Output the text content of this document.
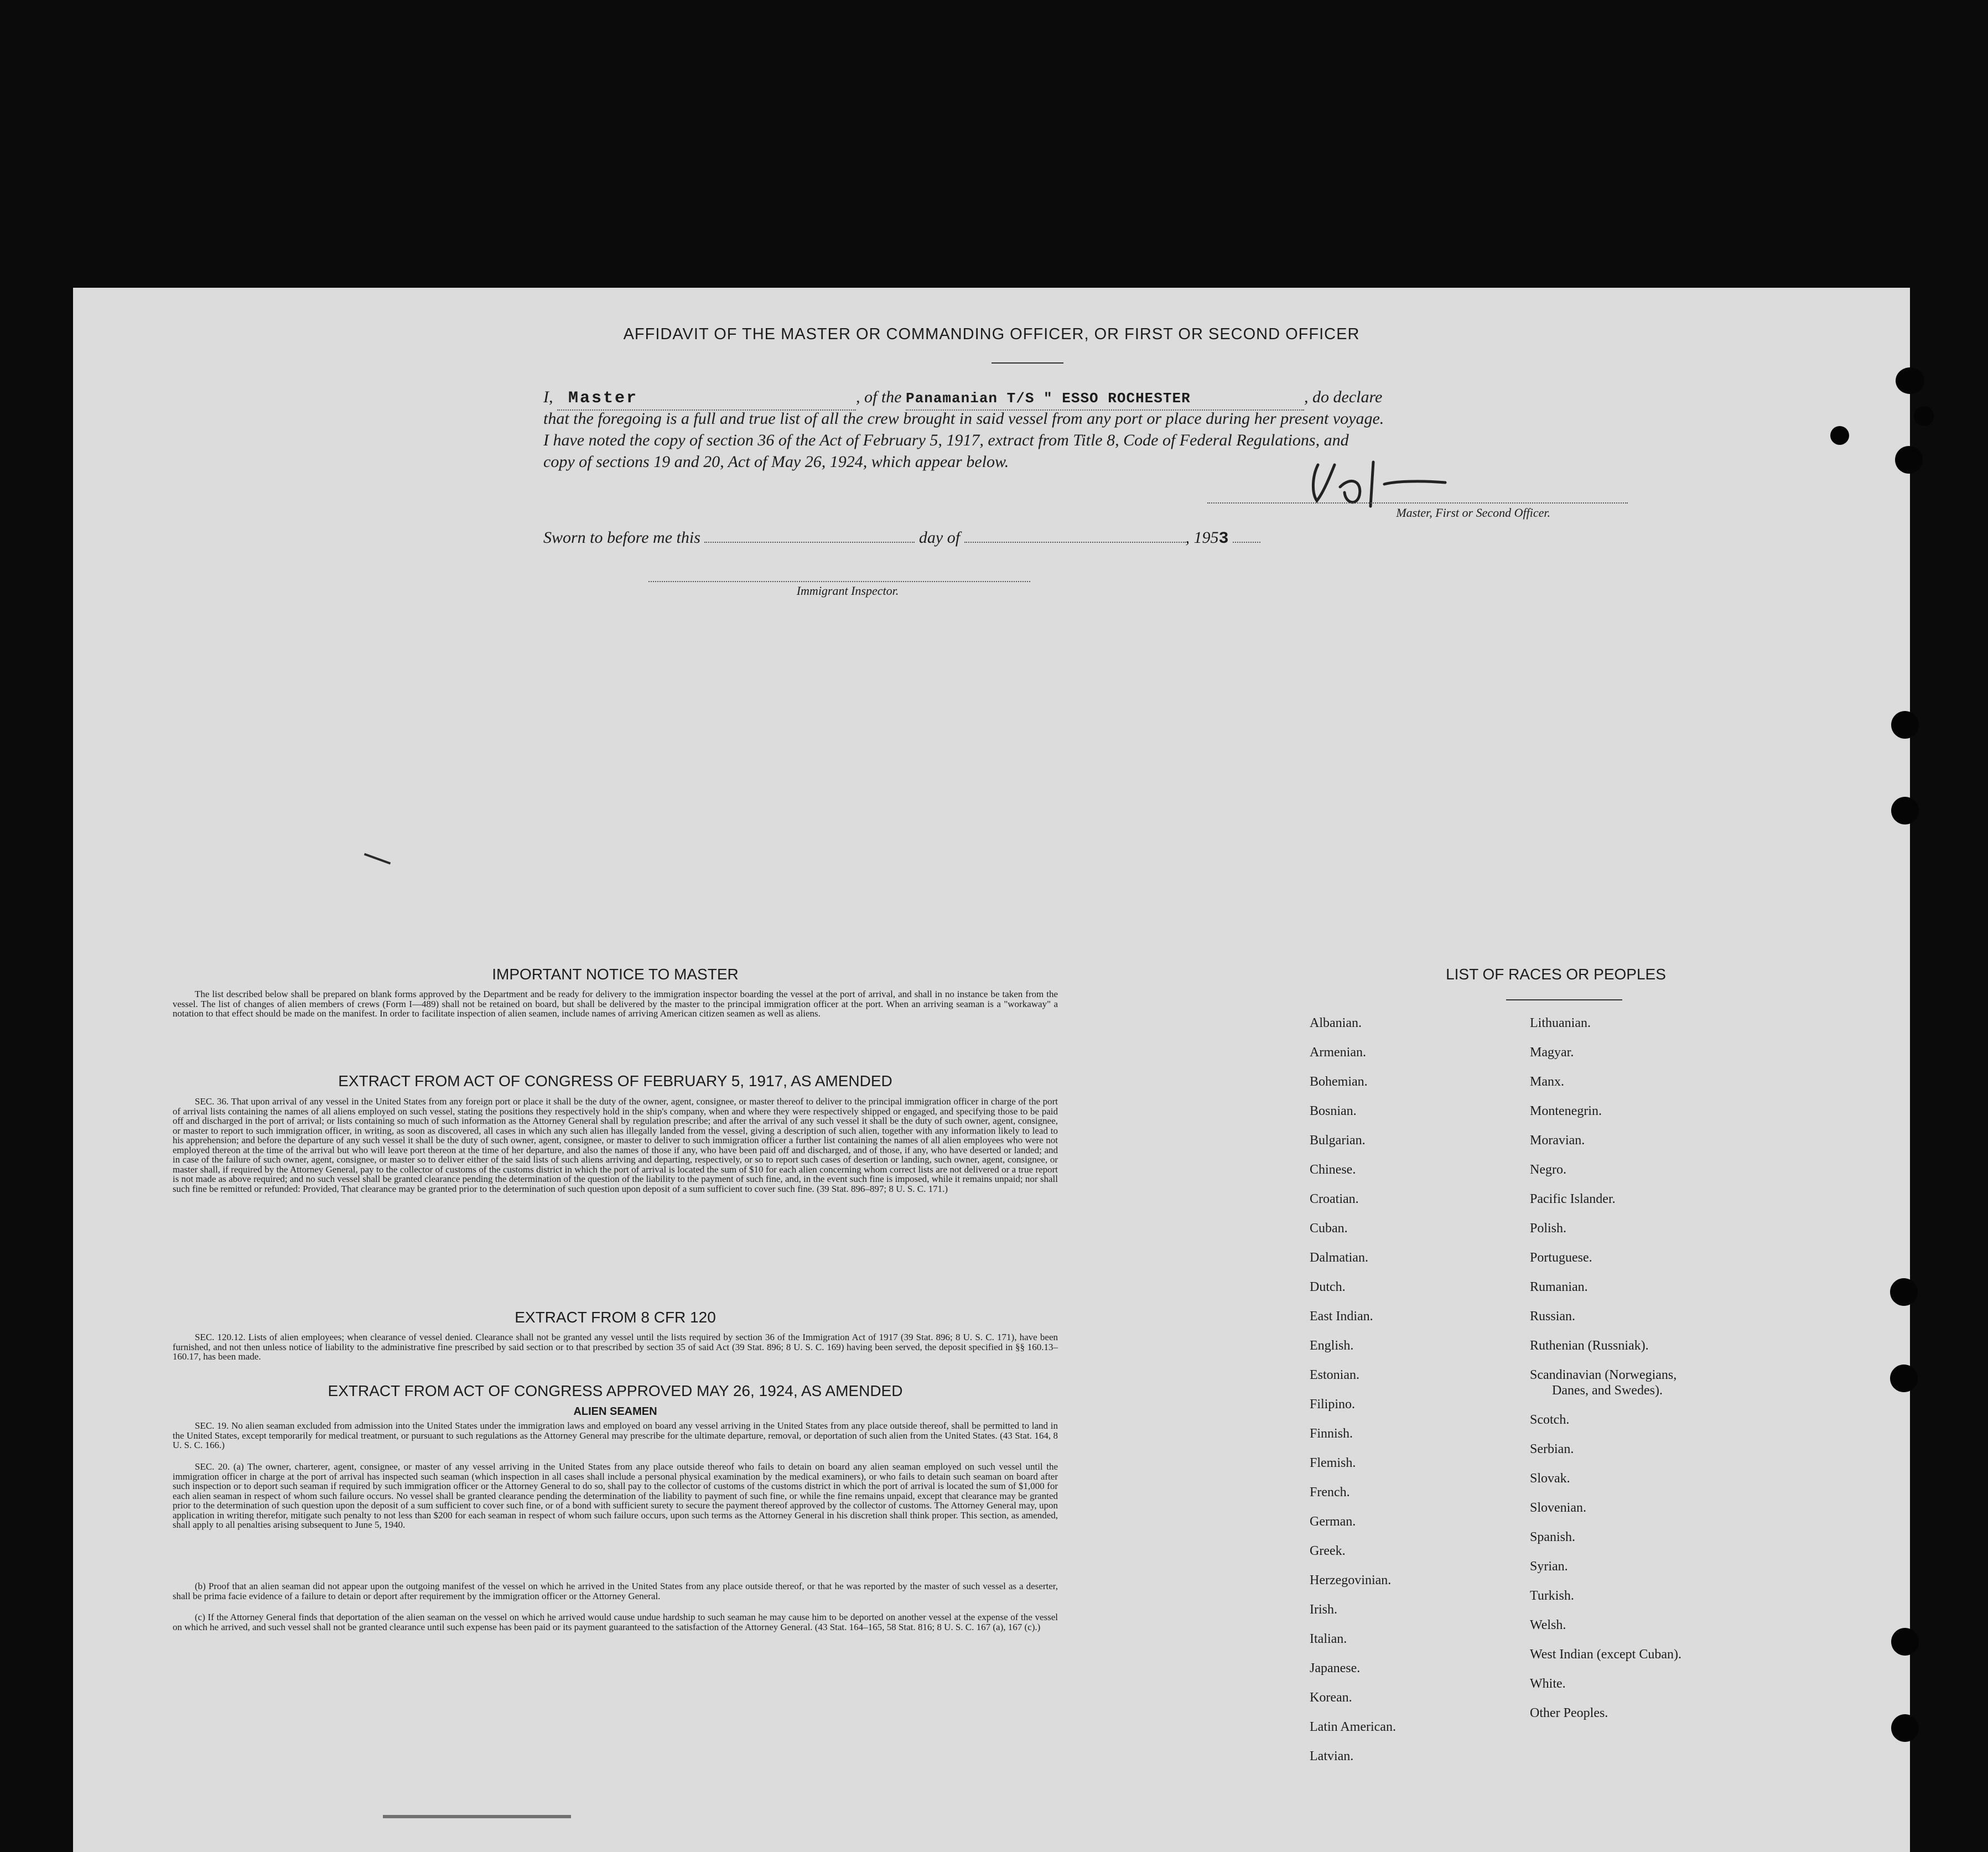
AFFIDAVIT OF THE MASTER OR COMMANDING OFFICER, OR FIRST OR SECOND OFFICER
I, Master	, of the Panamanian T/S " ESSO ROCHESTER	, do declare
that the foregoing is a full and true list of all the crew brought in said vessel from any port or place during her present voyage.
I have noted the copy of section 36 of the Act of February 5, 1917, extract from Title 8, Code of Federal Regulations, and
copy of sections 19 and 20, Act of May 26, 1924, which appear below.
Master, First or Second Officer.
Sworn to before me this	day of	, 1953
Immigrant Inspector.
IMPORTANT NOTICE TO MASTER
The list described below shall be prepared on blank forms approved by the Department and be ready for delivery to the immigration inspector boarding the vessel at the port of arrival, and shall in no instance be taken from the vessel. The list of changes of alien members of crews (Form I—489) shall not be retained on board, but shall be delivered by the master to the principal immigration officer at the port. When an arriving seaman is a "workaway" a notation to that effect should be made on the manifest. In order to facilitate inspection of alien seamen, include names of arriving American citizen seamen as well as aliens.
EXTRACT FROM ACT OF CONGRESS OF FEBRUARY 5, 1917, AS AMENDED
SEC. 36. That upon arrival of any vessel in the United States from any foreign port or place it shall be the duty of the owner, agent, consignee, or master thereof to deliver to the principal immigration officer in charge of the port of arrival lists containing the names of all aliens employed on such vessel, stating the positions they respectively hold in the ship's company, when and where they were respectively shipped or engaged, and specifying those to be paid off and discharged in the port of arrival; or lists containing so much of such information as the Attorney General shall by regulation prescribe; and after the arrival of any such vessel it shall be the duty of such owner, agent, consignee, or master to report to such immigration officer, in writing, as soon as discovered, all cases in which any such alien has illegally landed from the vessel, giving a description of such alien, together with any information likely to lead to his apprehension; and before the departure of any such vessel it shall be the duty of such owner, agent, consignee, or master to deliver to such immigration officer a further list containing the names of all alien employees who were not employed thereon at the time of the arrival but who will leave port thereon at the time of her departure, and also the names of those if any, who have been paid off and discharged, and of those, if any, who have deserted or landed; and in case of the failure of such owner, agent, consignee, or master so to deliver either of the said lists of such aliens arriving and departing, respectively, or so to report such cases of desertion or landing, such owner, agent, consignee, or master shall, if required by the Attorney General, pay to the collector of customs of the customs district in which the port of arrival is located the sum of $10 for each alien concerning whom correct lists are not delivered or a true report is not made as above required; and no such vessel shall be granted clearance pending the determination of the question of the liability to the payment of such fine, and, in the event such fine is imposed, while it remains unpaid; nor shall such fine be remitted or refunded: Provided, That clearance may be granted prior to the determination of such question upon deposit of a sum sufficient to cover such fine. (39 Stat. 896–897; 8 U. S. C. 171.)
EXTRACT FROM 8 CFR 120
SEC. 120.12. Lists of alien employees; when clearance of vessel denied. Clearance shall not be granted any vessel until the lists required by section 36 of the Immigration Act of 1917 (39 Stat. 896; 8 U. S. C. 171), have been furnished, and not then unless notice of liability to the administrative fine prescribed by said section or to that prescribed by section 35 of said Act (39 Stat. 896; 8 U. S. C. 169) having been served, the deposit specified in §§ 160.13–160.17, has been made.
EXTRACT FROM ACT OF CONGRESS APPROVED MAY 26, 1924, AS AMENDED
ALIEN SEAMEN
SEC. 19. No alien seaman excluded from admission into the United States under the immigration laws and employed on board any vessel arriving in the United States from any place outside thereof, shall be permitted to land in the United States, except temporarily for medical treatment, or pursuant to such regulations as the Attorney General may prescribe for the ultimate departure, removal, or deportation of such alien from the United States. (43 Stat. 164, 8 U. S. C. 166.)
SEC. 20. (a) The owner, charterer, agent, consignee, or master of any vessel arriving in the United States from any place outside thereof who fails to detain on board any alien seaman employed on such vessel until the immigration officer in charge at the port of arrival has inspected such seaman (which inspection in all cases shall include a personal physical examination by the medical examiners), or who fails to detain such seaman on board after such inspection or to deport such seaman if required by such immigration officer or the Attorney General to do so, shall pay to the collector of customs of the customs district in which the port of arrival is located the sum of $1,000 for each alien seaman in respect of whom such failure occurs. No vessel shall be granted clearance pending the determination of the liability to payment of such fine, or while the fine remains unpaid, except that clearance may be granted prior to the determination of such question upon the deposit of a sum sufficient to cover such fine, or of a bond with sufficient surety to secure the payment thereof approved by the collector of customs. The Attorney General may, upon application in writing therefor, mitigate such penalty to not less than $200 for each seaman in respect of whom such failure occurs, upon such terms as the Attorney General in his discretion shall think proper. This section, as amended, shall apply to all penalties arising subsequent to June 5, 1940.
(b) Proof that an alien seaman did not appear upon the outgoing manifest of the vessel on which he arrived in the United States from any place outside thereof, or that he was reported by the master of such vessel as a deserter, shall be prima facie evidence of a failure to detain or deport after requirement by the immigration officer or the Attorney General.
(c) If the Attorney General finds that deportation of the alien seaman on the vessel on which he arrived would cause undue hardship to such seaman he may cause him to be deported on another vessel at the expense of the vessel on which he arrived, and such vessel shall not be granted clearance until such expense has been paid or its payment guaranteed to the satisfaction of the Attorney General. (43 Stat. 164–165, 58 Stat. 816; 8 U. S. C. 167 (a), 167 (c).)
LIST OF RACES OR PEOPLES
Albanian.
Armenian.
Bohemian.
Bosnian.
Bulgarian.
Chinese.
Croatian.
Cuban.
Dalmatian.
Dutch.
East Indian.
English.
Estonian.
Filipino.
Finnish.
Flemish.
French.
German.
Greek.
Herzegovinian.
Irish.
Italian.
Japanese.
Korean.
Latin American.
Latvian.
Lithuanian.
Magyar.
Manx.
Montenegrin.
Moravian.
Negro.
Pacific Islander.
Polish.
Portuguese.
Rumanian.
Russian.
Ruthenian (Russniak).
Scandinavian (Norwegians,
Danes, and Swedes).
Scotch.
Serbian.
Slovak.
Slovenian.
Spanish.
Syrian.
Turkish.
Welsh.
West Indian (except Cuban).
White.
Other Peoples.
